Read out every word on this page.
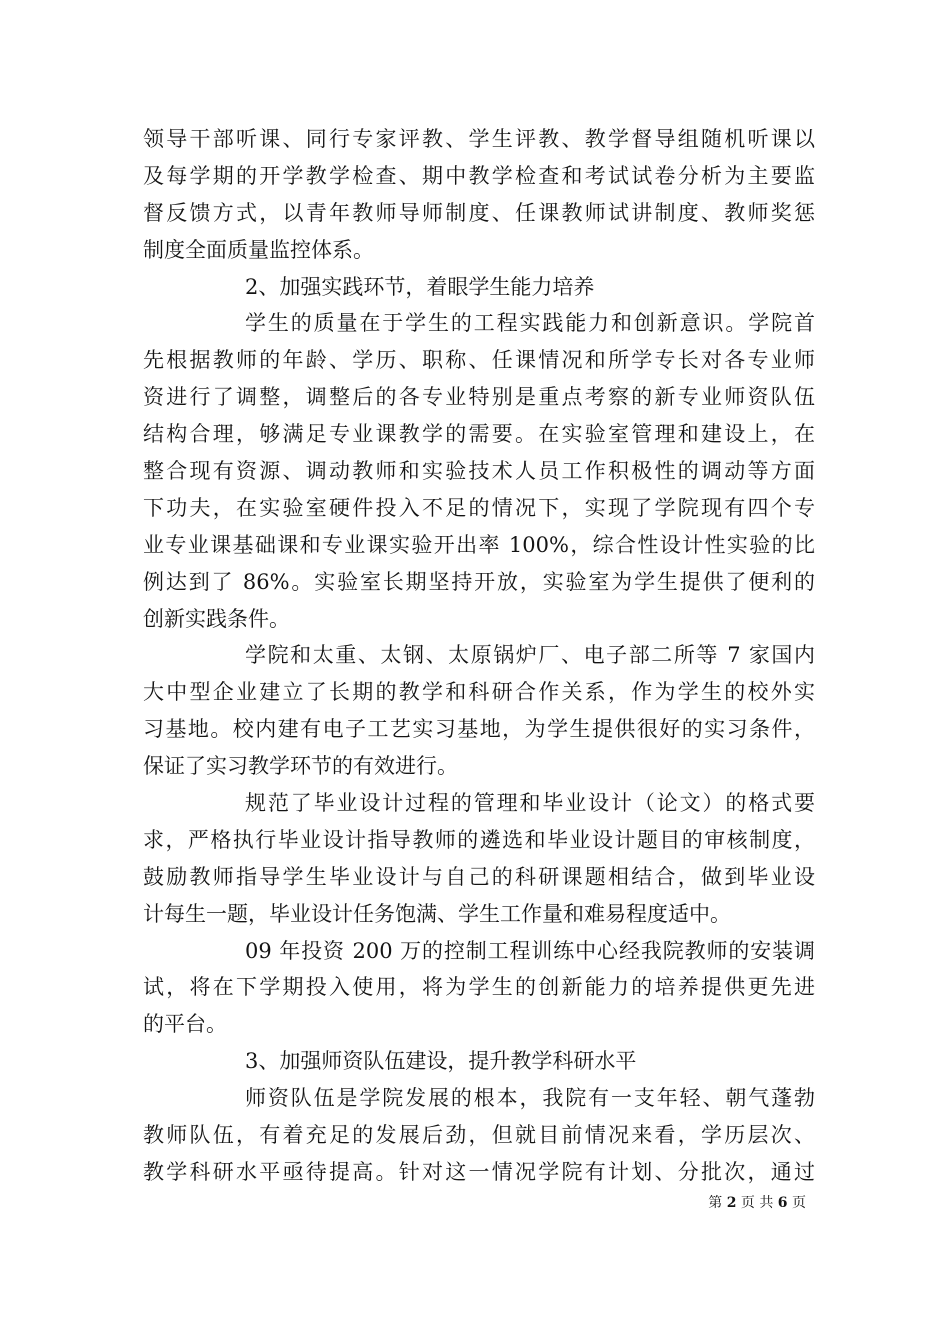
领导干部听课、同行专家评教、学生评教、教学督导组随机听课以
及每学期的开学教学检查、期中教学检查和考试试卷分析为主要监
督反馈方式，以青年教师导师制度、任课教师试讲制度、教师奖惩
制度全面质量监控体系。
2、加强实践环节，着眼学生能力培养
学生的质量在于学生的工程实践能力和创新意识。学院首
先根据教师的年龄、学历、职称、任课情况和所学专长对各专业师
资进行了调整，调整后的各专业特别是重点考察的新专业师资队伍
结构合理，够满足专业课教学的需要。在实验室管理和建设上，在
整合现有资源、调动教师和实验技术人员工作积极性的调动等方面
下功夫，在实验室硬件投入不足的情况下，实现了学院现有四个专
业专业课基础课和专业课实验开出率 100%，综合性设计性实验的比
例达到了 86%。实验室长期坚持开放，实验室为学生提供了便利的
创新实践条件。
学院和太重、太钢、太原锅炉厂、电子部二所等 7 家国内
大中型企业建立了长期的教学和科研合作关系，作为学生的校外实
习基地。校内建有电子工艺实习基地，为学生提供很好的实习条件，
保证了实习教学环节的有效进行。
规范了毕业设计过程的管理和毕业设计（论文）的格式要
求，严格执行毕业设计指导教师的遴选和毕业设计题目的审核制度，
鼓励教师指导学生毕业设计与自己的科研课题相结合，做到毕业设
计每生一题，毕业设计任务饱满、学生工作量和难易程度适中。
09 年投资 200 万的控制工程训练中心经我院教师的安装调
试，将在下学期投入使用，将为学生的创新能力的培养提供更先进
的平台。
3、加强师资队伍建设，提升教学科研水平
师资队伍是学院发展的根本，我院有一支年轻、朝气蓬勃
教师队伍，有着充足的发展后劲，但就目前情况来看，学历层次、
教学科研水平亟待提高。针对这一情况学院有计划、分批次，通过
第 2 页 共 6 页
